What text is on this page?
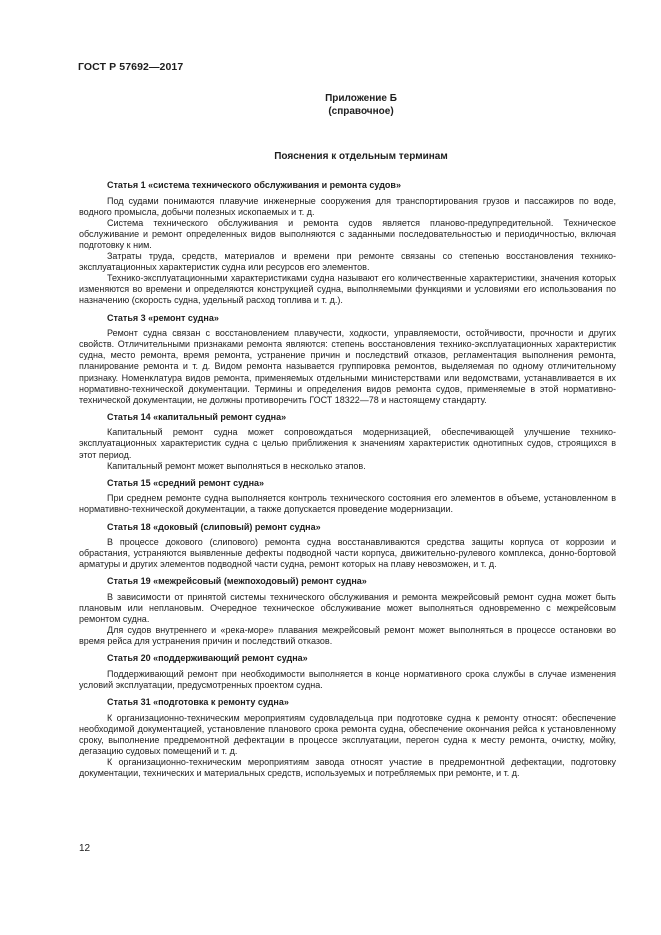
ГОСТ Р 57692—2017
Приложение Б
(справочное)
Пояснения к отдельным терминам

Статья 1 «система технического обслуживания и ремонта судов»

Под судами понимаются плавучие инженерные сооружения для транспортирования грузов и пассажиров по воде, водного промысла, добычи полезных ископаемых и т. д.

Система технического обслуживания и ремонта судов является планово-предупредительной. Техническое обслуживание и ремонт определенных видов выполняются с заданными последовательностью и периодичностью, включая подготовку к ним.

Затраты труда, средств, материалов и времени при ремонте связаны со степенью восстановления технико-эксплуатационных характеристик судна или ресурсов его элементов.

Технико-эксплуатационными характеристиками судна называют его количественные характеристики, значения которых изменяются во времени и определяются конструкцией судна, выполняемыми функциями и условиями его использования по назначению (скорость судна, удельный расход топлива и т. д.).

Статья 3 «ремонт судна»

Ремонт судна связан с восстановлением плавучести, ходкости, управляемости, остойчивости, прочности и других свойств. Отличительными признаками ремонта являются: степень восстановления технико-эксплуатационных характеристик судна, место ремонта, время ремонта, устранение причин и последствий отказов, регламентация выполнения ремонта, планирование ремонта и т. д. Видом ремонта называется группировка ремонтов, выделяемая по одному отличительному признаку. Номенклатура видов ремонта, применяемых отдельными министерствами или ведомствами, устанавливается в их нормативно-технической документации. Термины и определения видов ремонта судов, применяемые в этой нормативно-технической документации, не должны противоречить ГОСТ 18322—78 и настоящему стандарту.

Статья 14 «капитальный ремонт судна»

Капитальный ремонт судна может сопровождаться модернизацией, обеспечивающей улучшение технико-эксплуатационных характеристик судна с целью приближения к значениям характеристик однотипных судов, строящихся в этот период.

Капитальный ремонт может выполняться в несколько этапов.

Статья 15 «средний ремонт судна»

При среднем ремонте судна выполняется контроль технического состояния его элементов в объеме, установленном в нормативно-технической документации, а также допускается проведение модернизации.

Статья 18 «доковый (слиповый) ремонт судна»

В процессе докового (слипового) ремонта судна восстанавливаются средства защиты корпуса от коррозии и обрастания, устраняются выявленные дефекты подводной части корпуса, движительно-рулевого комплекса, донно-бортовой арматуры и других элементов подводной части судна, ремонт которых на плаву невозможен, и т. д.

Статья 19 «межрейсовый (межпоходовый) ремонт судна»

В зависимости от принятой системы технического обслуживания и ремонта межрейсовый ремонт судна может быть плановым или неплановым. Очередное техническое обслуживание может выполняться одновременно с межрейсовым ремонтом судна.

Для судов внутреннего и «река-море» плавания межрейсовый ремонт может выполняться в процессе остановки во время рейса для устранения причин и последствий отказов.

Статья 20 «поддерживающий ремонт судна»

Поддерживающий ремонт при необходимости выполняется в конце нормативного срока службы в случае изменения условий эксплуатации, предусмотренных проектом судна.

Статья 31 «подготовка к ремонту судна»

К организационно-техническим мероприятиям судовладельца при подготовке судна к ремонту относят: обеспечение необходимой документацией, установление планового срока ремонта судна, обеспечение окончания рейса к установленному сроку, выполнение предремонтной дефектации в процессе эксплуатации, перегон судна к месту ремонта, очистку, мойку, дегазацию судовых помещений и т. д.

К организационно-техническим мероприятиям завода относят участие в предремонтной дефектации, подготовку документации, технических и материальных средств, используемых и потребляемых при ремонте, и т. д.

12
